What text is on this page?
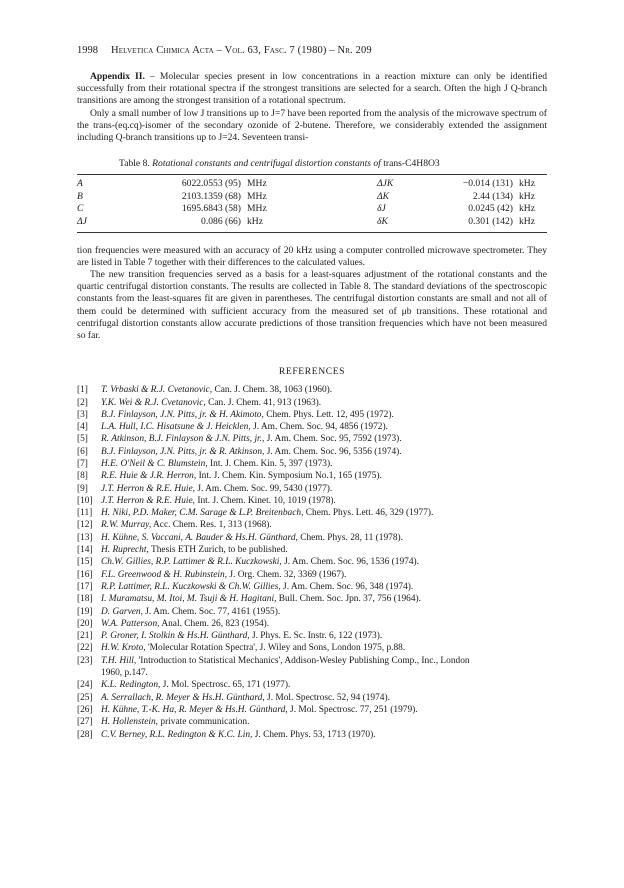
1998	Helvetica Chimica Acta – Vol. 63, Fasc. 7 (1980) – Nr. 209

Appendix II. – Molecular species present in low concentrations in a reaction mixture can only be identified successfully from their rotational spectra if the strongest transitions are selected for a search. Often the high J Q-branch transitions are among the strongest transition of a rotational spectrum.

Only a small number of low J transitions up to J=7 have been reported from the analysis of the microwave spectrum of the trans-(eq.cq)-isomer of the secondary ozonide of 2-butene. Therefore, we considerably extended the assignment including Q-branch transitions up to J=24. Seventeen transi-

Table 8. Rotational constants and centrifugal distortion constants of trans-C4H8O3
A	6022.0553 (95)	MHz	ΔJK	−0.014 (131)	kHz
B	2103.1359 (68)	MHz	ΔK	2.44 (134)	kHz
C	1695.6843 (58)	MHz	δJ	0.0245 (42)	kHz
ΔJ	0.086 (66)	kHz	δK	0.301 (142)	kHz

tion frequencies were measured with an accuracy of 20 kHz using a computer controlled microwave spectrometer. They are listed in Table 7 together with their differences to the calculated values.

The new transition frequencies served as a basis for a least-squares adjustment of the rotational constants and the quartic centrifugal distortion constants. The results are collected in Table 8. The standard deviations of the spectroscopic constants from the least-squares fit are given in parentheses. The centrifugal distortion constants are small and not all of them could be determined with sufficient accuracy from the measured set of μb transitions. These rotational and centrifugal distortion constants allow accurate predictions of those transition frequencies which have not been measured so far.

REFERENCES
[1]	T. Vrbaski & R.J. Cvetanovic, Can. J. Chem. 38, 1063 (1960).
[2]	Y.K. Wei & R.J. Cvetanovic, Can. J. Chem. 41, 913 (1963).
[3]	B.J. Finlayson, J.N. Pitts, jr. & H. Akimoto, Chem. Phys. Lett. 12, 495 (1972).
[4]	L.A. Hull, I.C. Hisatsune & J. Heicklen, J. Am. Chem. Soc. 94, 4856 (1972).
[5]	R. Atkinson, B.J. Finlayson & J.N. Pitts, jr., J. Am. Chem. Soc. 95, 7592 (1973).
[6]	B.J. Finlayson, J.N. Pitts, jr. & R. Atkinson, J. Am. Chem. Soc. 96, 5356 (1974).
[7]	H.E. O'Neil & C. Blumstein, Int. J. Chem. Kin. 5, 397 (1973).
[8]	R.E. Huie & J.R. Herron, Int. J. Chem. Kin. Symposium No.1, 165 (1975).
[9]	J.T. Herron & R.E. Huie, J. Am. Chem. Soc. 99, 5430 (1977).
[10] J.T. Herron & R.E. Huie, Int. J. Chem. Kinet. 10, 1019 (1978).
[11] H. Niki, P.D. Maker, C.M. Sarage & L.P. Breitenbach, Chem. Phys. Lett. 46, 329 (1977).
[12] R.W. Murray, Acc. Chem. Res. 1, 313 (1968).
[13] H. Kühne, S. Vaccani, A. Bauder & Hs.H. Günthard, Chem. Phys. 28, 11 (1978).
[14] H. Ruprecht, Thesis ETH Zurich, to be published.
[15] Ch.W. Gillies, R.P. Lattimer & R.L. Kuczkowski, J. Am. Chem. Soc. 96, 1536 (1974).
[16] F.L. Greenwood & H. Rubinstein, J. Org. Chem. 32, 3369 (1967).
[17] R.P. Lattimer, R.L. Kuczkowski & Ch.W. Gillies, J. Am. Chem. Soc. 96, 348 (1974).
[18] I. Muramatsu, M. Itoi, M. Tsuji & H. Hagitani, Bull. Chem. Soc. Jpn. 37, 756 (1964).
[19] D. Garven, J. Am. Chem. Soc. 77, 4161 (1955).
[20] W.A. Patterson, Anal. Chem. 26, 823 (1954).
[21] P. Groner, I. Stolkin & Hs.H. Günthard, J. Phys. E. Sc. Instr. 6, 122 (1973).
[22] H.W. Kroto, 'Molecular Rotation Spectra', J. Wiley and Sons, London 1975, p.88.
[23] T.H. Hill, 'Introduction to Statistical Mechanics', Addison-Wesley Publishing Comp., Inc., London
1960, p.147.
[24] K.L. Redington, J. Mol. Spectrosc. 65, 171 (1977).
[25] A. Serrallach, R. Meyer & Hs.H. Günthard, J. Mol. Spectrosc. 52, 94 (1974).
[26] H. Kühne, T.-K. Ha, R. Meyer & Hs.H. Günthard, J. Mol. Spectrosc. 77, 251 (1979).
[27] H. Hollenstein, private communication.
[28] C.V. Berney, R.L. Redington & K.C. Lin, J. Chem. Phys. 53, 1713 (1970).
